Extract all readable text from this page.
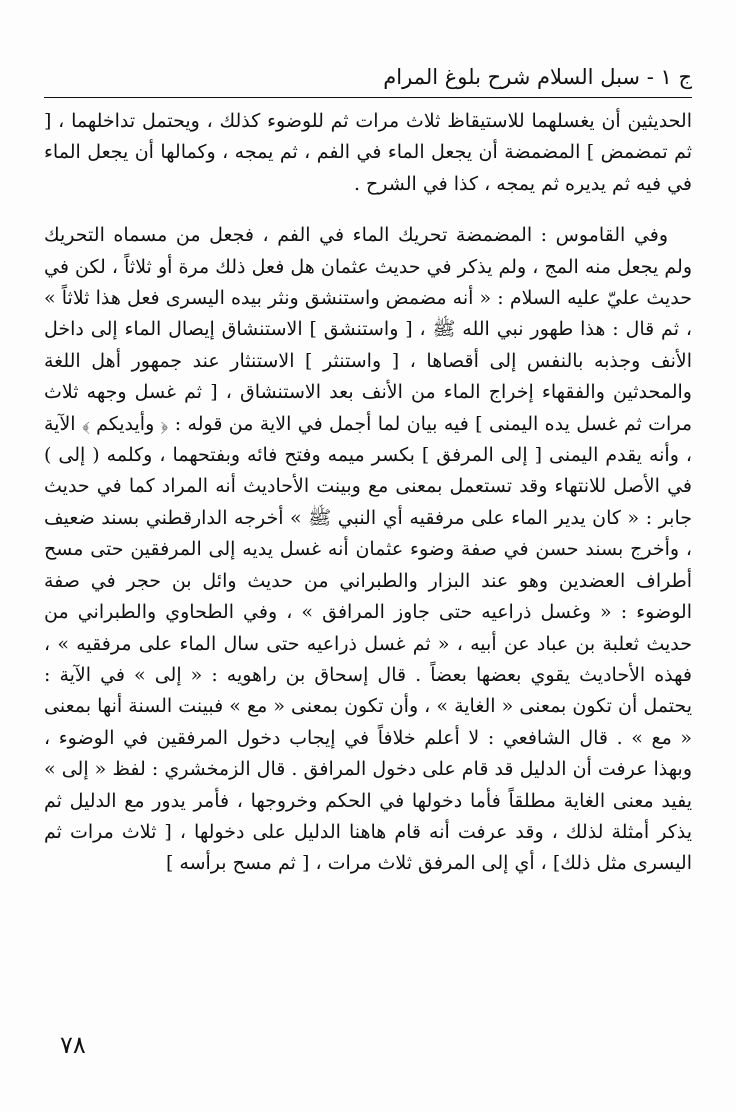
ج ١ - سبل السلام شرح بلوغ المرام

الحديثين أن يغسلهما للاستيقاظ ثلاث مرات ثم للوضوء كذلك ، ويحتمل تداخلهما ، [ ثم تمضمض ] المضمضة أن يجعل الماء في الفم ، ثم يمجه ، وكمالها أن يجعل الماء في فيه ثم يديره ثم يمجه ، كذا في الشرح .

وفي القاموس : المضمضة تحريك الماء في الفم ، فجعل من مسماه التحريك ولم يجعل منه المج ، ولم يذكر في حديث عثمان هل فعل ذلك مرة أو ثلاثاً ، لكن في حديث عليّ عليه السلام : « أنه مضمض واستنشق ونثر بيده اليسرى فعل هذا ثلاثاً » ، ثم قال : هذا طهور نبي الله ﷺ ، [ واستنشق ] الاستنشاق إيصال الماء إلى داخل الأنف وجذبه بالنفس إلى أقصاها ، [ واستنثر ] الاستنثار عند جمهور أهل اللغة والمحدثين والفقهاء إخراج الماء من الأنف بعد الاستنشاق ، [ ثم غسل وجهه ثلاث مرات ثم غسل يده اليمنى ] فيه بيان لما أجمل في الاية من قوله : ﴿ وأيديكم ﴾ الآية ، وأنه يقدم اليمنى [ إلى المرفق ] بكسر ميمه وفتح فائه وبفتحهما ، وكلمه ( إلى ) في الأصل للانتهاء وقد تستعمل بمعنى مع وبينت الأحاديث أنه المراد كما في حديث جابر : « كان يدير الماء على مرفقيه أي النبي ﷺ » أخرجه الدارقطني بسند ضعيف ، وأخرج بسند حسن في صفة وضوء عثمان أنه غسل يديه إلى المرفقين حتى مسح أطراف العضدين وهو عند البزار والطبراني من حديث وائل بن حجر في صفة الوضوء : « وغسل ذراعيه حتى جاوز المرافق » ، وفي الطحاوي والطبراني من حديث ثعلبة بن عباد عن أبيه ، « ثم غسل ذراعيه حتى سال الماء على مرفقيه » ، فهذه الأحاديث يقوي بعضها بعضاً . قال إسحاق بن راهويه : « إلى » في الآية : يحتمل أن تكون بمعنى « الغاية » ، وأن تكون بمعنى « مع » فبينت السنة أنها بمعنى « مع » . قال الشافعي : لا أعلم خلافاً في إيجاب دخول المرفقين في الوضوء ، وبهذا عرفت أن الدليل قد قام على دخول المرافق . قال الزمخشري : لفظ « إلى » يفيد معنى الغاية مطلقاً فأما دخولها في الحكم وخروجها ، فأمر يدور مع الدليل ثم يذكر أمثلة لذلك ، وقد عرفت أنه قام هاهنا الدليل على دخولها ، [ ثلاث مرات ثم اليسرى مثل ذلك] ، أي إلى المرفق ثلاث مرات ، [ ثم مسح برأسه ]

٧٨
